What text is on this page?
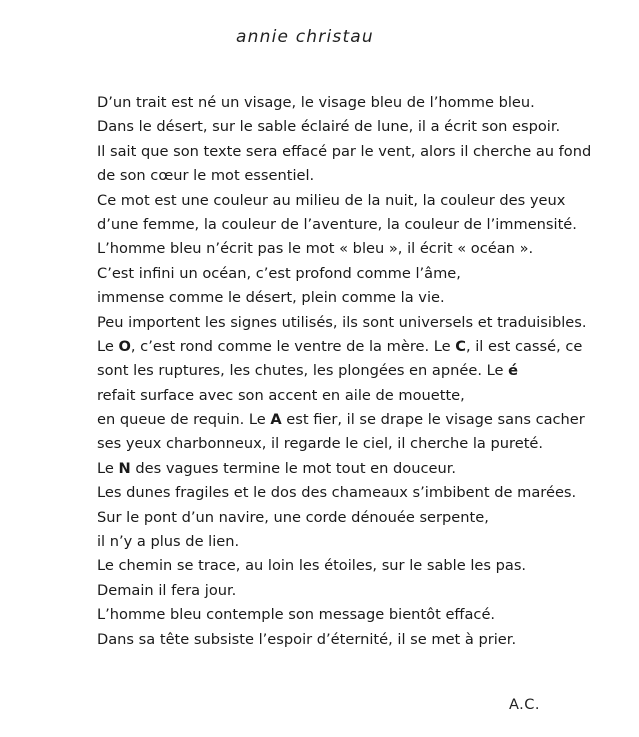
annie christau

D’un trait est né un visage, le visage bleu de l’homme bleu.
Dans le désert, sur le sable éclairé de lune, il a écrit son espoir.
Il sait que son texte sera effacé par le vent, alors il cherche au fond
de son cœur le mot essentiel.
Ce mot est une couleur au milieu de la nuit, la couleur des yeux
d’une femme, la couleur de l’aventure, la couleur de l’immensité.
L’homme bleu n’écrit pas le mot « bleu », il écrit « océan ».
C’est infini un océan, c’est profond comme l’âme,
immense comme le désert, plein comme la vie.
Peu importent les signes utilisés, ils sont universels et traduisibles.
Le O, c’est rond comme le ventre de la mère. Le C, il est cassé, ce
sont les ruptures, les chutes, les plongées en apnée. Le é
refait surface avec son accent en aile de mouette,
en queue de requin. Le A est fier, il se drape le visage sans cacher
ses yeux charbonneux, il regarde le ciel, il cherche la pureté.
Le N des vagues termine le mot tout en douceur.
Les dunes fragiles et le dos des chameaux s’imbibent de marées.
Sur le pont d’un navire, une corde dénouée serpente,
il n’y a plus de lien.
Le chemin se trace, au loin les étoiles, sur le sable les pas.
Demain il fera jour.
L’homme bleu contemple son message bientôt effacé.
Dans sa tête subsiste l’espoir d’éternité, il se met à prier.

A.C.
